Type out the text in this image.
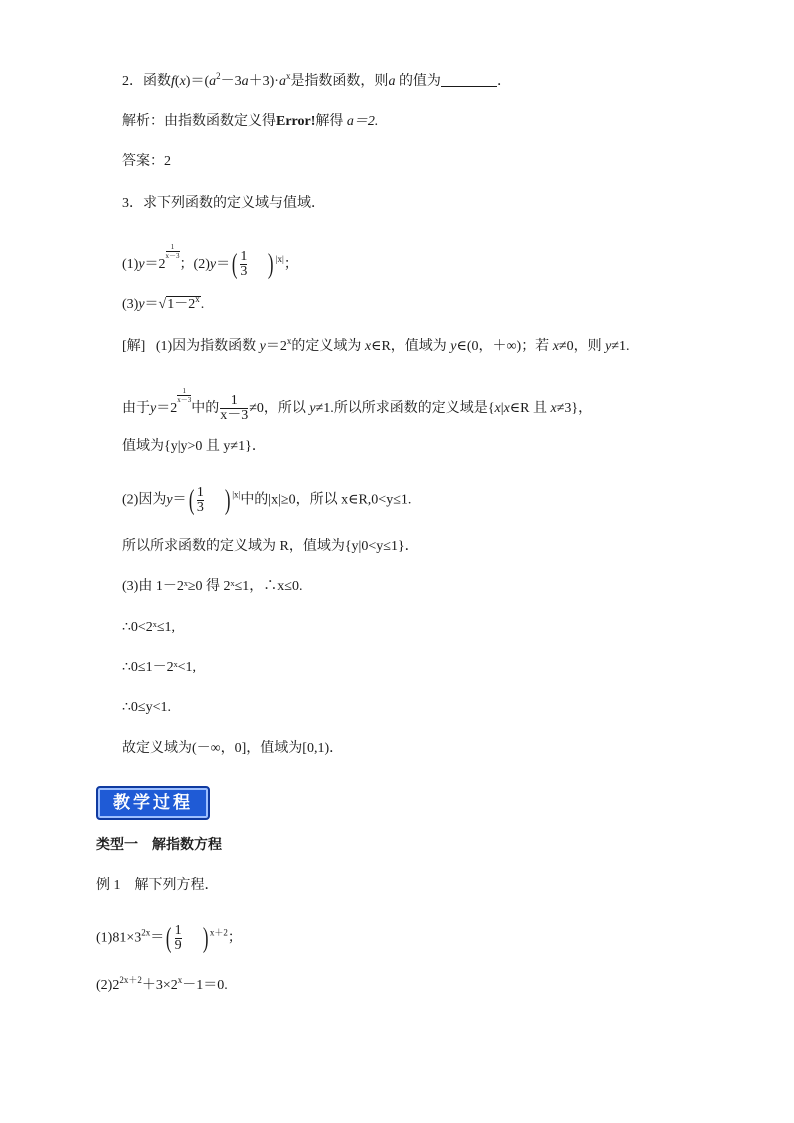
2．函数$f(x)=(a^2-3a+3)\cdot a^x$是指数函数，则a 的值为	．
解析：由指数函数定义得Error!解得 a＝2.
答案：2
3．求下列函数的定义域与值域．
(1)y＝2
$\frac{1}{x-3}$
；(2)y＝ ( $\frac{1}{3}$ ) $^{|x|}$；
$(3)y=√1-2^x$.
[解] (1)因为指数函数 $y=2^x$的定义域为 x∈R，值域为 y∈(0，＋∞)；若 x≠0，则 y≠1.
由于y＝2
$\frac{1}{x-3}$
中的 $\frac{1}{x-3} \ne 0$，所以 y≠1.所以所求函数的定义域是{x|x∈R 且 x≠3}，
值域为{y|y>0 且 y≠1}．
(2)因为y＝ ( $\frac{1}{3}$ ) $^{|x|}$中的|x|≥0，所以 x∈R,0<y≤1.
所以所求函数的定义域为 R，值域为{y|0<y≤1}．
(3)由 1－2ˣ≥0 得 2ˣ≤1，∴x≤0.
∴0<2ˣ≤1,
∴0≤1－2ˣ<1,
∴0≤y<1.
故定义域为(－∞，0]，值域为[0,1)．
教学过程
类型一　解指数方程
例 1　解下列方程．
$(1)81\times 3^{2x}=$ ( $\frac{1}{9}$ ) $^{x+2}$；
$(2)2^{2x+2}+3\times 2^x-1=0$.
